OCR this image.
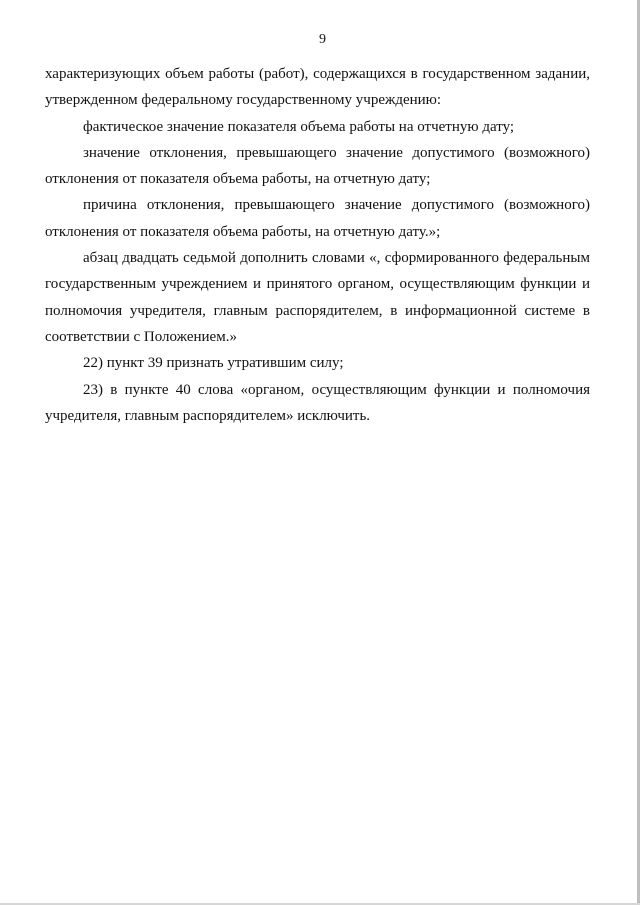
9

характеризующих объем работы (работ), содержащихся в государственном задании, утвержденном федеральному государственному учреждению:

фактическое значение показателя объема работы на отчетную дату;

значение отклонения, превышающего значение допустимого (возможного) отклонения от показателя объема работы, на отчетную дату;

причина отклонения, превышающего значение допустимого (возможного) отклонения от показателя объема работы, на отчетную дату.»;

абзац двадцать седьмой дополнить словами «, сформированного федеральным государственным учреждением и принятого органом, осуществляющим функции и полномочия учредителя, главным распорядителем, в информационной системе в соответствии с Положением.»

22) пункт 39 признать утратившим силу;

23) в пункте 40 слова «органом, осуществляющим функции и полномочия учредителя, главным распорядителем» исключить.
